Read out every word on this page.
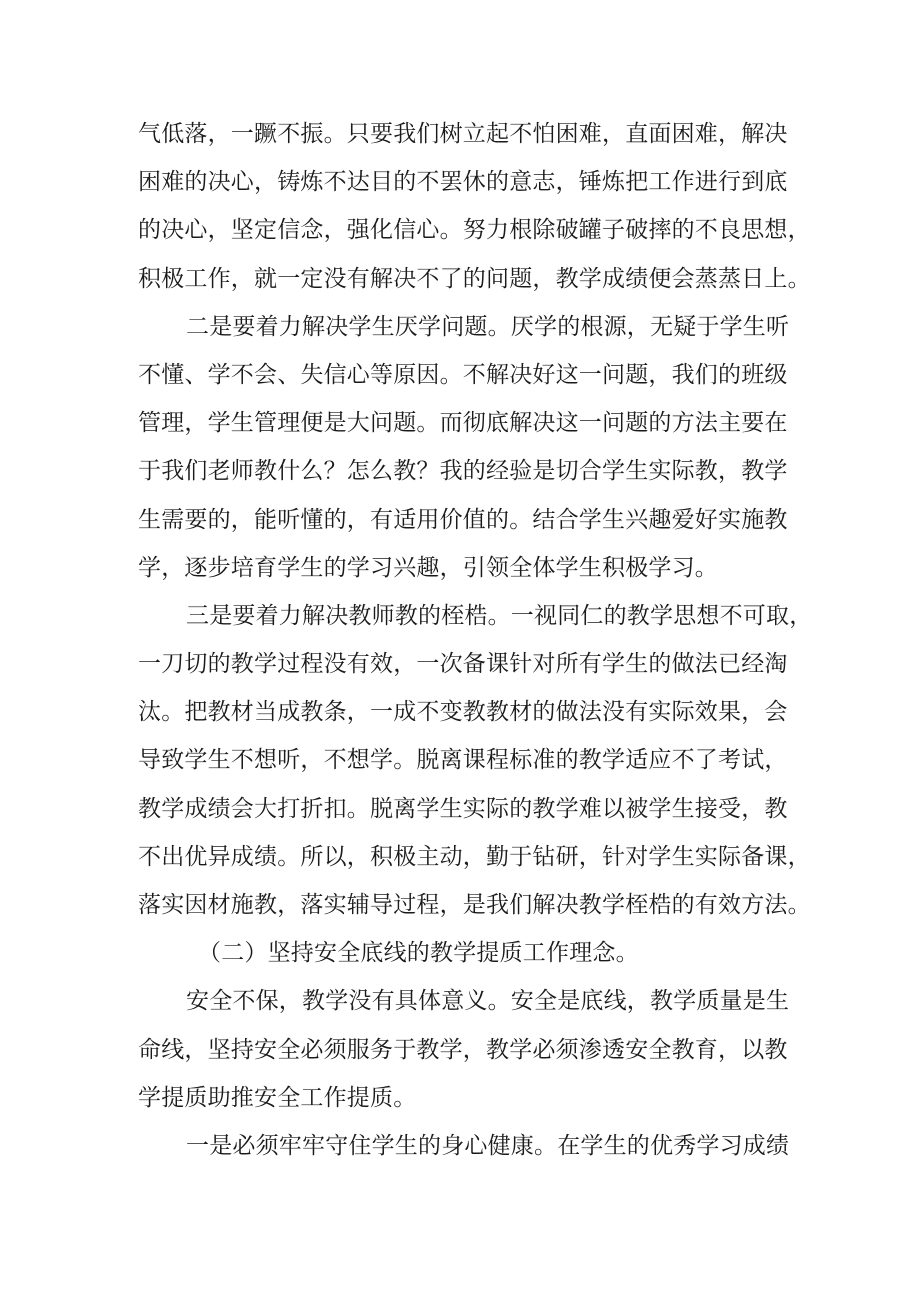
气低落，一蹶不振。只要我们树立起不怕困难，直面困难，解决
困难的决心，铸炼不达目的不罢休的意志，锤炼把工作进行到底
的决心，坚定信念，强化信心。努力根除破罐子破摔的不良思想，
积极工作，就一定没有解决不了的问题，教学成绩便会蒸蒸日上。
二是要着力解决学生厌学问题。厌学的根源，无疑于学生听
不懂、学不会、失信心等原因。不解决好这一问题，我们的班级
管理，学生管理便是大问题。而彻底解决这一问题的方法主要在
于我们老师教什么？怎么教？我的经验是切合学生实际教，教学
生需要的，能听懂的，有适用价值的。结合学生兴趣爱好实施教
学，逐步培育学生的学习兴趣，引领全体学生积极学习。
三是要着力解决教师教的桎梏。一视同仁的教学思想不可取，
一刀切的教学过程没有效，一次备课针对所有学生的做法已经淘
汰。把教材当成教条，一成不变教教材的做法没有实际效果，会
导致学生不想听，不想学。脱离课程标准的教学适应不了考试，
教学成绩会大打折扣。脱离学生实际的教学难以被学生接受，教
不出优异成绩。所以，积极主动，勤于钻研，针对学生实际备课，
落实因材施教，落实辅导过程，是我们解决教学桎梏的有效方法。
（二）坚持安全底线的教学提质工作理念。
安全不保，教学没有具体意义。安全是底线，教学质量是生
命线，坚持安全必须服务于教学，教学必须渗透安全教育，以教
学提质助推安全工作提质。
一是必须牢牢守住学生的身心健康。在学生的优秀学习成绩
